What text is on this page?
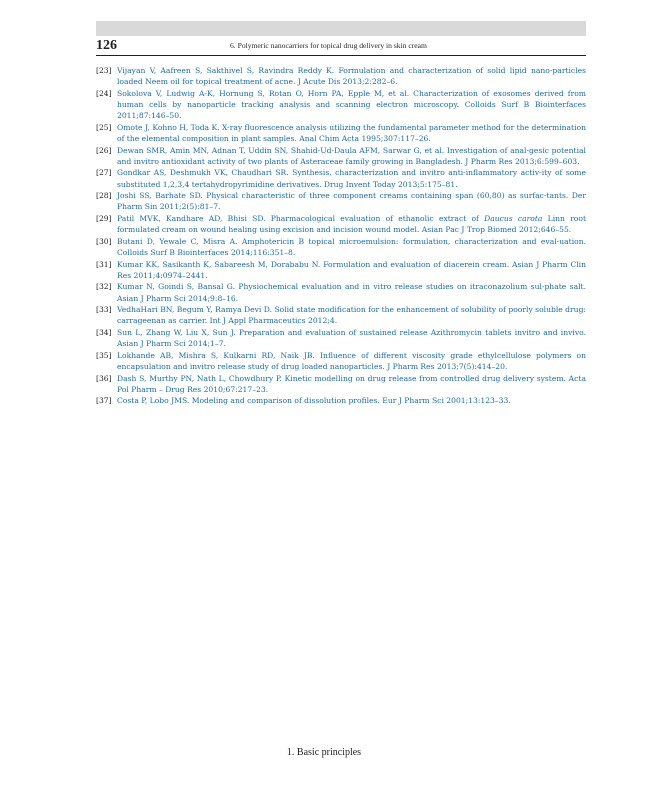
126	6. Polymeric nanocarriers for topical drug delivery in skin cream
[23] Vijayan V, Aafreen S, Sakthivel S, Ravindra Reddy K. Formulation and characterization of solid lipid nano-particles loaded Neem oil for topical treatment of acne. J Acute Dis 2013;2:282–6.
[24] Sokolova V, Ludwig A-K, Hornung S, Rotan O, Horn PA, Epple M, et al. Characterization of exosomes derived from human cells by nanoparticle tracking analysis and scanning electron microscopy. Colloids Surf B Biointerfaces 2011;87:146–50.
[25] Omote J, Kohno H, Toda K. X-ray fluorescence analysis utilizing the fundamental parameter method for the determination of the elemental composition in plant samples. Anal Chim Acta 1995;307:117–26.
[26] Dewan SMR, Amin MN, Adnan T, Uddin SN, Shahid-Ud-Daula AFM, Sarwar G, et al. Investigation of anal-gesic potential and invitro antioxidant activity of two plants of Asteraceae family growing in Bangladesh. J Pharm Res 2013;6:599–603.
[27] Gondkar AS, Deshmukh VK, Chaudhari SR. Synthesis, characterization and invitro anti-inflammatory activ-ity of some substituted 1,2,3,4 tertahydropyrimidine derivatives. Drug Invent Today 2013;5:175–81.
[28] Joshi SS, Barhate SD. Physical characteristic of three component creams containing span (60,80) as surfac-tants. Der Pharm Sin 2011;2(5):81–7.
[29] Patil MVK, Kandhare AD, Bhisi SD. Pharmacological evaluation of ethanolic extract of Daucus carota Linn root formulated cream on wound healing using excision and incision wound model. Asian Pac J Trop Biomed 2012;646–55.
[30] Butani D, Yewale C, Misra A. Amphotericin B topical microemulsion: formulation, characterization and eval-uation. Colloids Surf B Biointerfaces 2014;116:351–8.
[31] Kumar KK, Sasikanth K, Sabareesh M, Dorababu N. Formulation and evaluation of diacerein cream. Asian J Pharm Clin Res 2011;4:0974–2441.
[32] Kumar N, Goindi S, Bansal G. Physiochemical evaluation and in vitro release studies on itraconazolium sul-phate salt. Asian J Pharm Sci 2014;9:8–16.
[33] VedhaHari BN, Begum Y, Ramya Devi D. Solid state modification for the enhancement of solubility of poorly soluble drug: carrageenan as carrier. Int J Appl Pharmaceutics 2012;4.
[34] Sun L, Zhang W, Liu X, Sun J. Preparation and evaluation of sustained release Azithromycin tablets invitro and invivo. Asian J Pharm Sci 2014;1–7.
[35] Lokhande AB, Mishra S, Kulkarni RD, Naik JB. Influence of different viscosity grade ethylcellulose polymers on encapsulation and invitro release study of drug loaded nanoparticles. J Pharm Res 2013;7(5):414–20.
[36] Dash S, Murthy PN, Nath L, Chowdhury P. Kinetic modelling on drug release from controlled drug delivery system. Acta Pol Pharm – Drug Res 2010;67:217–23.
[37] Costa P, Lobo JMS. Modeling and comparison of dissolution profiles. Eur J Pharm Sci 2001;13:123–33.
1. Basic principles
